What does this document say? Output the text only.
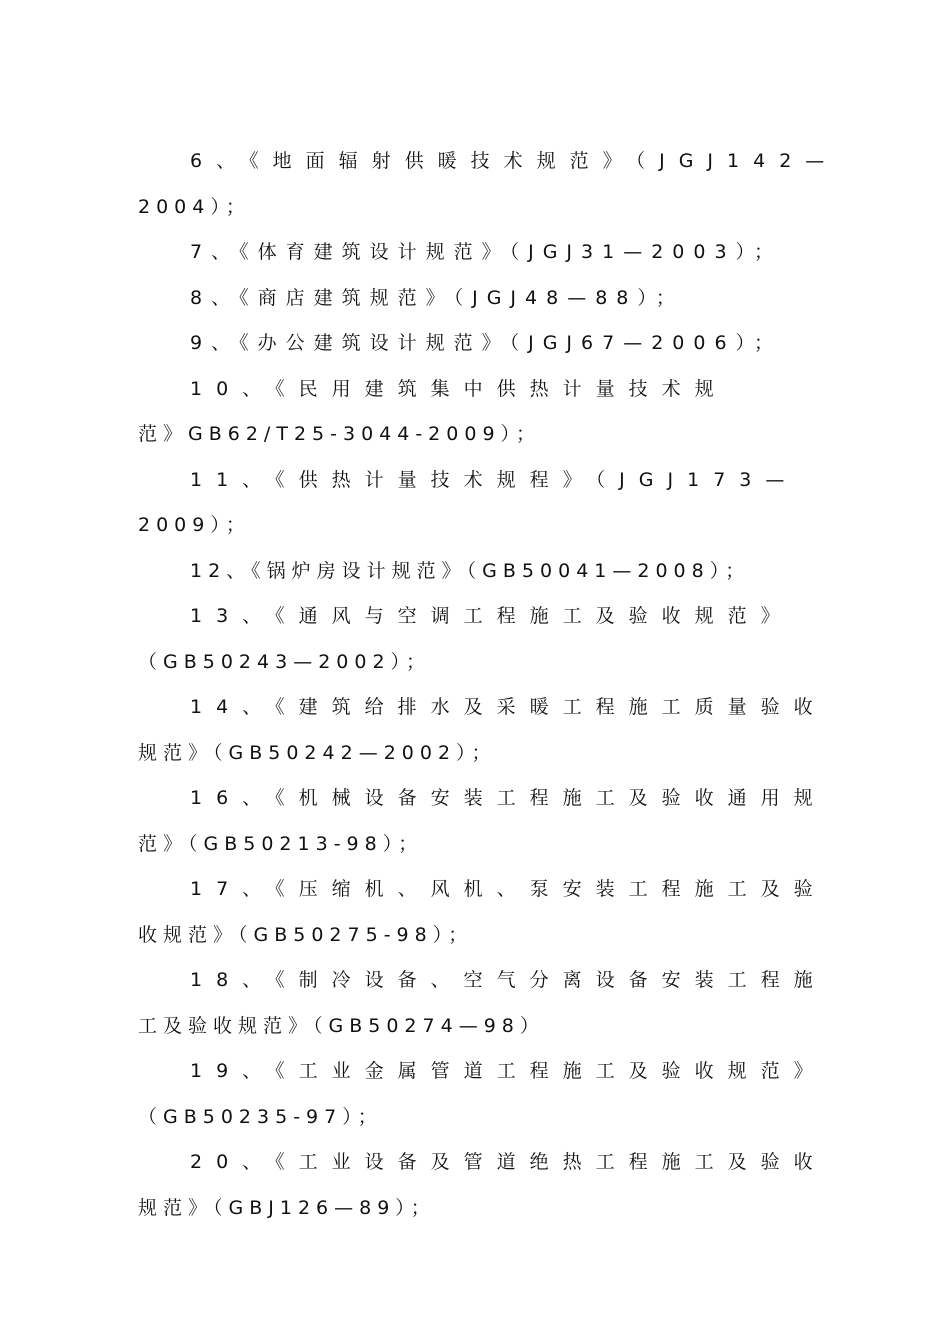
6、《地面辐射供暖技术规范》（JGJ142—
2004）；
7、《体育建筑设计规范》（JGJ31—2003）；
8、《商店建筑规范》（JGJ48—88）；
9、《办公建筑设计规范》（JGJ67—2006）；
10、《民用建筑集中供热计量技术规
范》GB62/T25-3044-2009）；
11、《供热计量技术规程》（JGJ173—
2009）；
12、《锅炉房设计规范》（GB50041—2008）；
13、《通风与空调工程施工及验收规范》
（GB50243—2002）；
14、《建筑给排水及采暖工程施工质量验收
规范》（GB50242—2002）；
16、《机械设备安装工程施工及验收通用规
范》（GB50213-98）；
17、《压缩机、风机、泵安装工程施工及验
收规范》（GB50275-98）；
18、《制冷设备、空气分离设备安装工程施
工及验收规范》（GB50274—98）
19、《工业金属管道工程施工及验收规范》
（GB50235-97）；
20、《工业设备及管道绝热工程施工及验收
规范》（GBJ126—89）；
